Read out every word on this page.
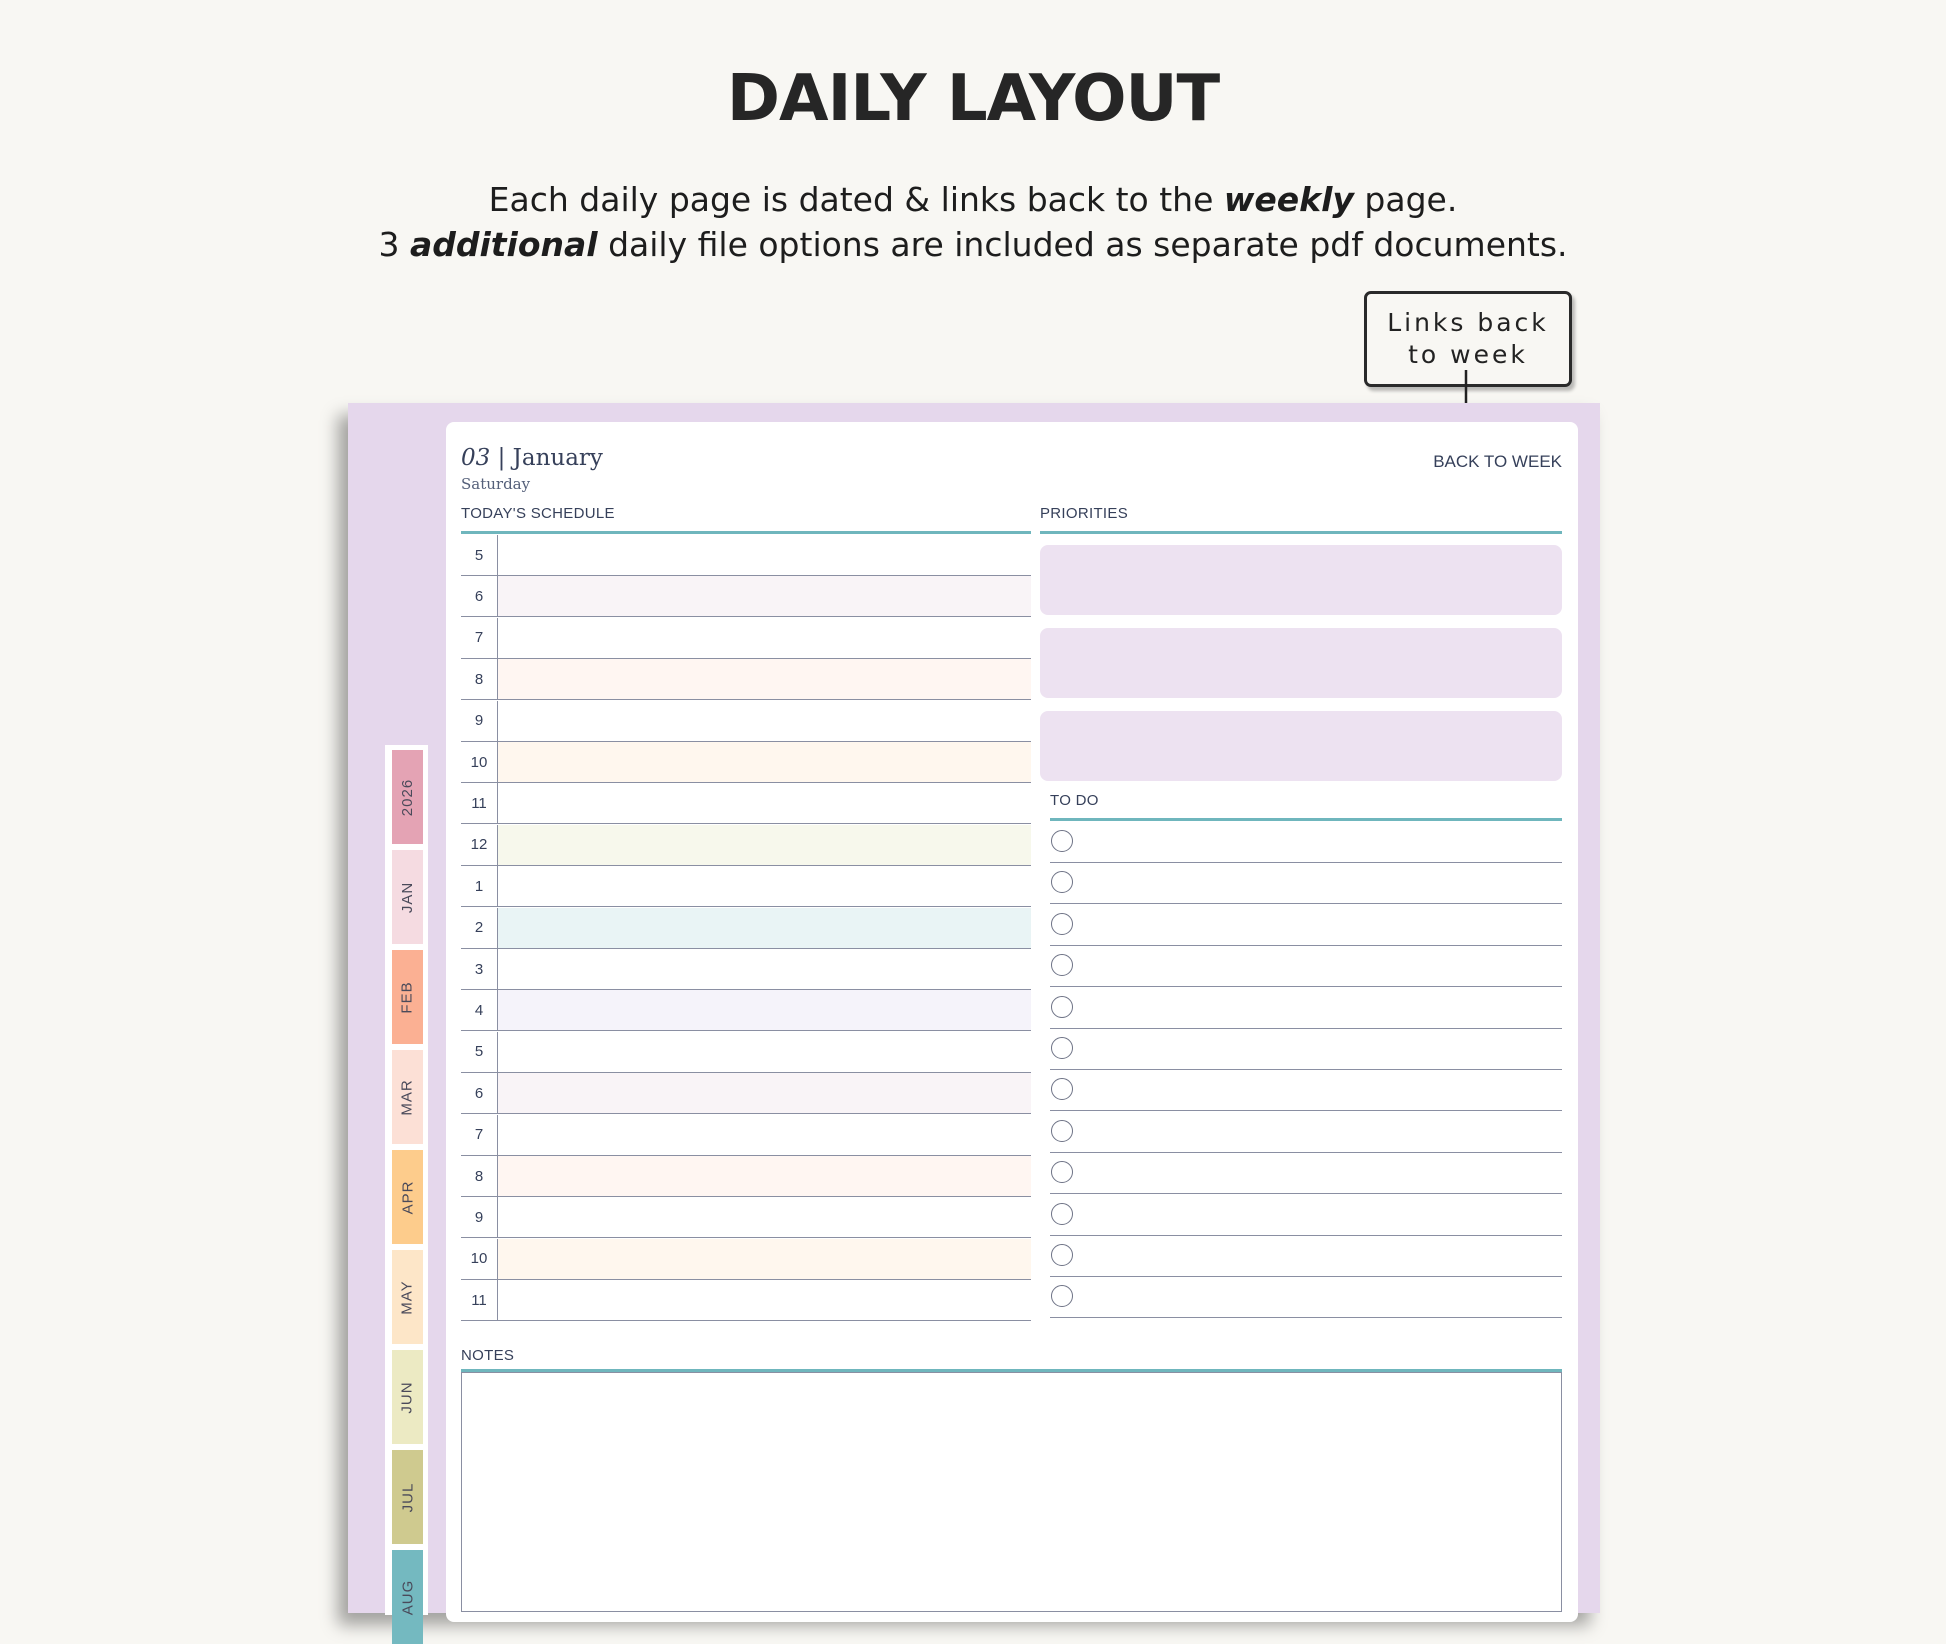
DAILY LAYOUT
Each daily page is dated & links back to the weekly page.
3 additional daily file options are included as separate pdf documents.
Links back
to week
2026
JAN
FEB
MAR
APR
MAY
JUN
JUL
AUG
03 | January
Saturday
BACK TO WEEK
TODAY'S SCHEDULE	PRIORITIES
5
6
7
8
9
10
11
12
1
2
3
4
5
6
7
8
9
10
11
TO DO
NOTES
